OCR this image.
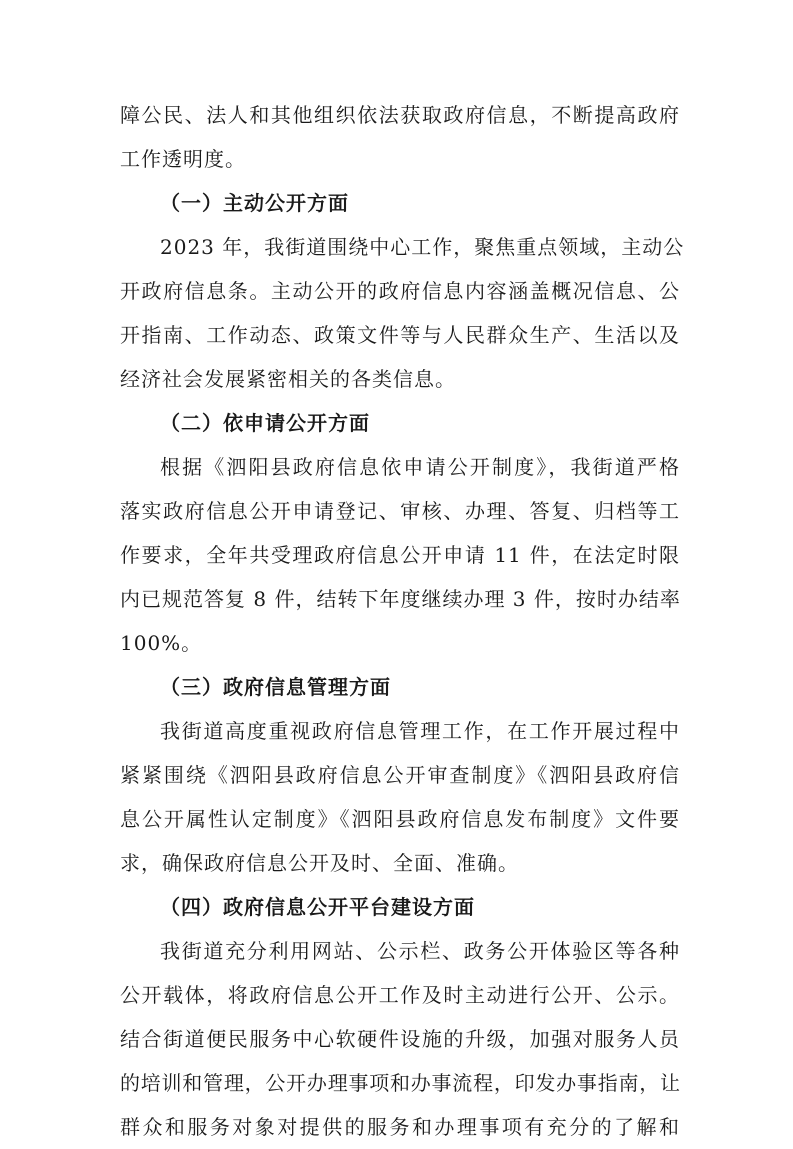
障公民、法人和其他组织依法获取政府信息，不断提高政府
工作透明度。
（一）主动公开方面
2023 年，我街道围绕中心工作，聚焦重点领域，主动公
开政府信息条。主动公开的政府信息内容涵盖概况信息、公
开指南、工作动态、政策文件等与人民群众生产、生活以及
经济社会发展紧密相关的各类信息。
（二）依申请公开方面
根据《泗阳县政府信息依申请公开制度》，我街道严格
落实政府信息公开申请登记、审核、办理、答复、归档等工
作要求，全年共受理政府信息公开申请 11 件，在法定时限
内已规范答复 8 件，结转下年度继续办理 3 件，按时办结率
100%。
（三）政府信息管理方面
我街道高度重视政府信息管理工作，在工作开展过程中
紧紧围绕《泗阳县政府信息公开审查制度》《泗阳县政府信
息公开属性认定制度》《泗阳县政府信息发布制度》文件要
求，确保政府信息公开及时、全面、准确。
（四）政府信息公开平台建设方面
我街道充分利用网站、公示栏、政务公开体验区等各种
公开载体，将政府信息公开工作及时主动进行公开、公示。
结合街道便民服务中心软硬件设施的升级，加强对服务人员
的培训和管理，公开办理事项和办事流程，印发办事指南，让
群众和服务对象对提供的服务和办理事项有充分的了解和
